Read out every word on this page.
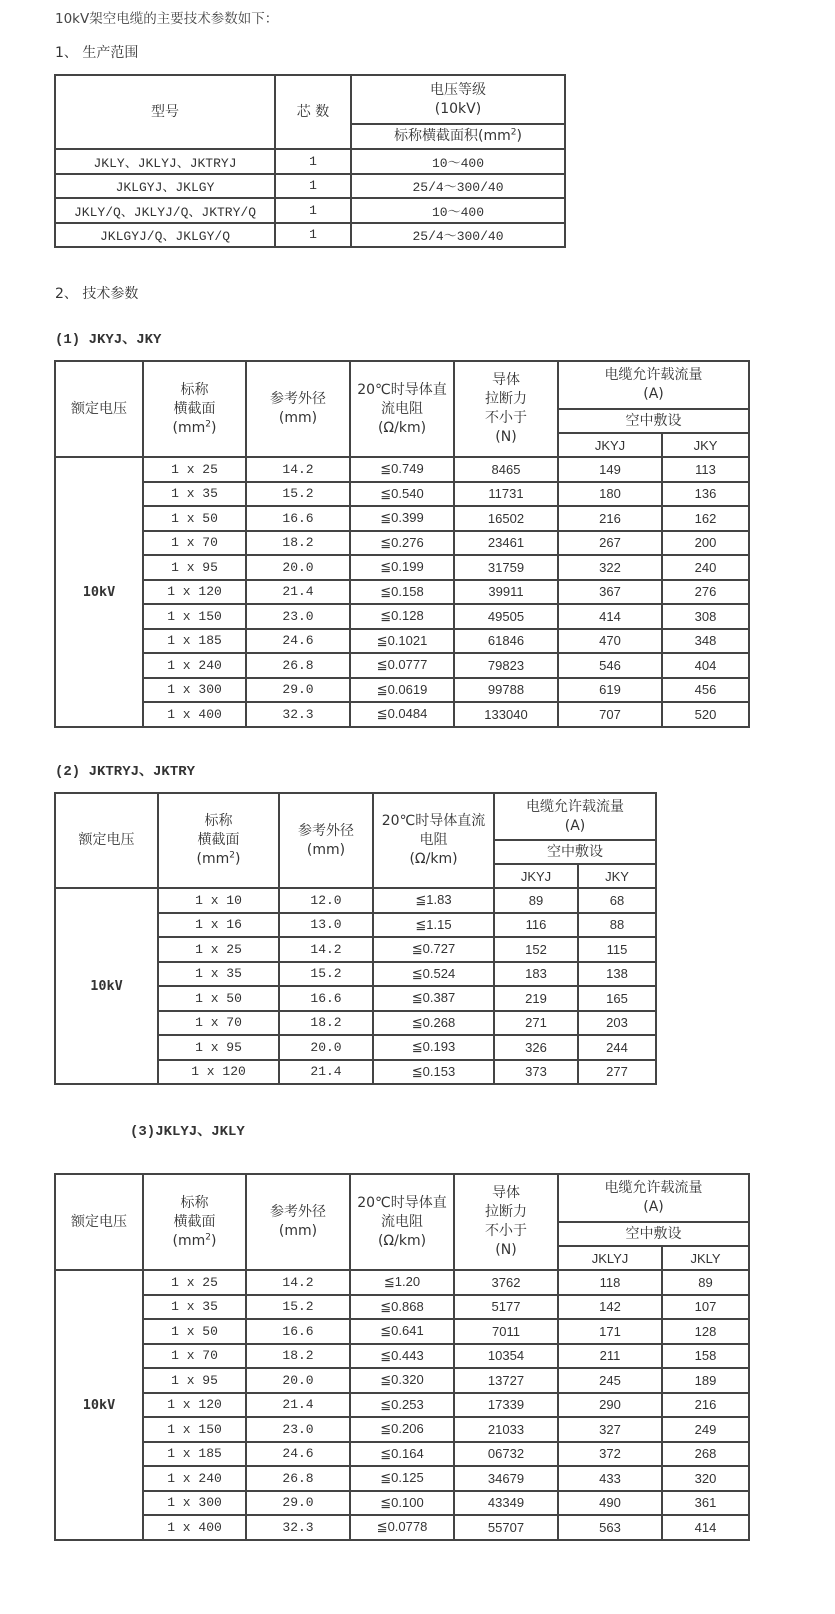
10kV架空电缆的主要技术参数如下：
1、 生产范围
型号	芯 数	电压等级
(10kV)

		标称横截面积$(mm^2)$
JKLY、JKLYJ、JKTRYJ	1	10～400
JKLGYJ、JKLGY	1	25/4～300/40
JKLY/Q、JKLYJ/Q、JKTRY/Q	1	10～400
JKLGYJ/Q、JKLGY/Q	1	25/4～300/40
2、 技术参数
(1) JKYJ、JKY
额定电压	标称
横截面
$(mm^2)$	参考外径
(mm)	20℃时导体直
流电阻
(Ω/km)	导体
拉断力
不小于
(N)	电缆允许载流量
(A)	

					空中敷设	
					JKYJ	JKY
10kV	1 x 25	14.2	≦0.749	8465	149	113
	1 x 35	15.2	≦0.540	11731	180	136
	1 x 50	16.6	≦0.399	16502	216	162
	1 x 70	18.2	≦0.276	23461	267	200
	1 x 95	20.0	≦0.199	31759	322	240
	1 x 120	21.4	≦0.158	39911	367	276
	1 x 150	23.0	≦0.128	49505	414	308
	1 x 185	24.6	≦0.1021	61846	470	348
	1 x 240	26.8	≦0.0777	79823	546	404
	1 x 300	29.0	≦0.0619	99788	619	456
	1 x 400	32.3	≦0.0484	133040	707	520
(2) JKTRYJ、JKTRY
额定电压	标称
横截面
$(mm^2)$	参考外径
(mm)	20℃时导体直流
电阻
(Ω/km)	电缆允许载流量
(A)	

				空中敷设	
				JKYJ	JKY
10kV	1 x 10	12.0	≦1.83	89	68
	1 x 16	13.0	≦1.15	116	88
	1 x 25	14.2	≦0.727	152	115
	1 x 35	15.2	≦0.524	183	138
	1 x 50	16.6	≦0.387	219	165
	1 x 70	18.2	≦0.268	271	203
	1 x 95	20.0	≦0.193	326	244
	1 x 120	21.4	≦0.153	373	277
(3)JKLYJ、JKLY
额定电压	标称
横截面
$(mm^2)$	参考外径
(mm)	20℃时导体直
流电阻
(Ω/km)	导体
拉断力
不小于
(N)	电缆允许载流量
(A)	

					空中敷设	
					JKLYJ	JKLY
10kV	1 x 25	14.2	≦1.20	3762	118	89
	1 x 35	15.2	≦0.868	5177	142	107
	1 x 50	16.6	≦0.641	7011	171	128
	1 x 70	18.2	≦0.443	10354	211	158
	1 x 95	20.0	≦0.320	13727	245	189
	1 x 120	21.4	≦0.253	17339	290	216
	1 x 150	23.0	≦0.206	21033	327	249
	1 x 185	24.6	≦0.164	06732	372	268
	1 x 240	26.8	≦0.125	34679	433	320
	1 x 300	29.0	≦0.100	43349	490	361
	1 x 400	32.3	≦0.0778	55707	563	414
